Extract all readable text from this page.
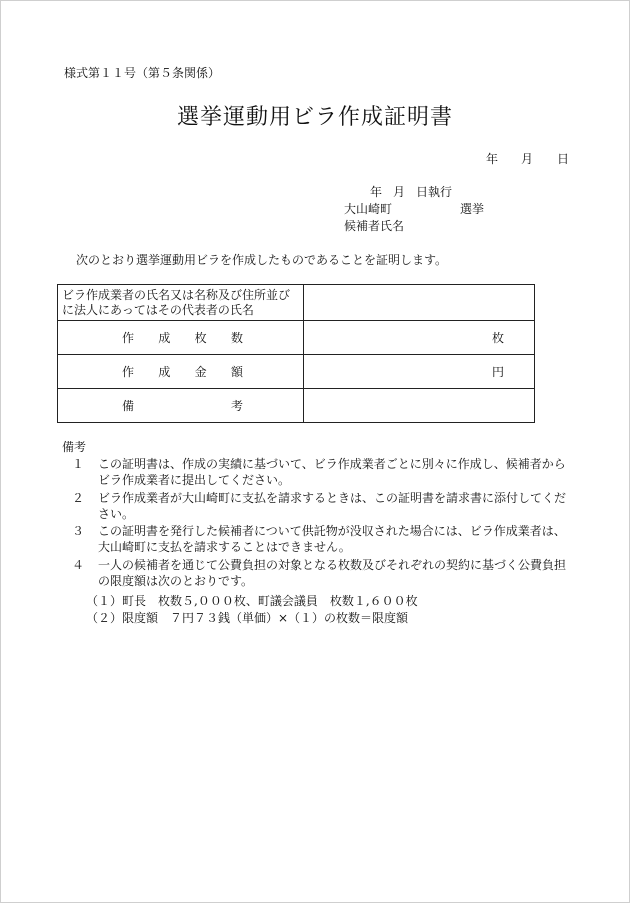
様式第１１号（第５条関係）
選挙運動用ビラ作成証明書
年 月 日
年 月 日執行
大山崎町	選挙
候補者氏名
次のとおり選挙運動用ビラを作成したものであることを証明します。
ビラ作成業者の氏名又は名称及び住所並びに法人にあってはその代表者の氏名	

作 成 枚 数	枚

作 成 金 額	円

備 考	

備考
１ この証明書は、作成の実績に基づいて、ビラ作成業者ごとに別々に作成し、候補者からビラ作成業者に提出してください。
２ ビラ作成業者が大山崎町に支払を請求するときは、この証明書を請求書に添付してください。
３ この証明書を発行した候補者について供託物が没収された場合には、ビラ作成業者は、大山崎町に支払を請求することはできません。
４ 一人の候補者を通じて公費負担の対象となる枚数及びそれぞれの契約に基づく公費負担の限度額は次のとおりです。
（１）町長　枚数５,０００枚、町議会議員　枚数１,６００枚
（２）限度額　７円７３銭（単価）×（１）の枚数＝限度額
